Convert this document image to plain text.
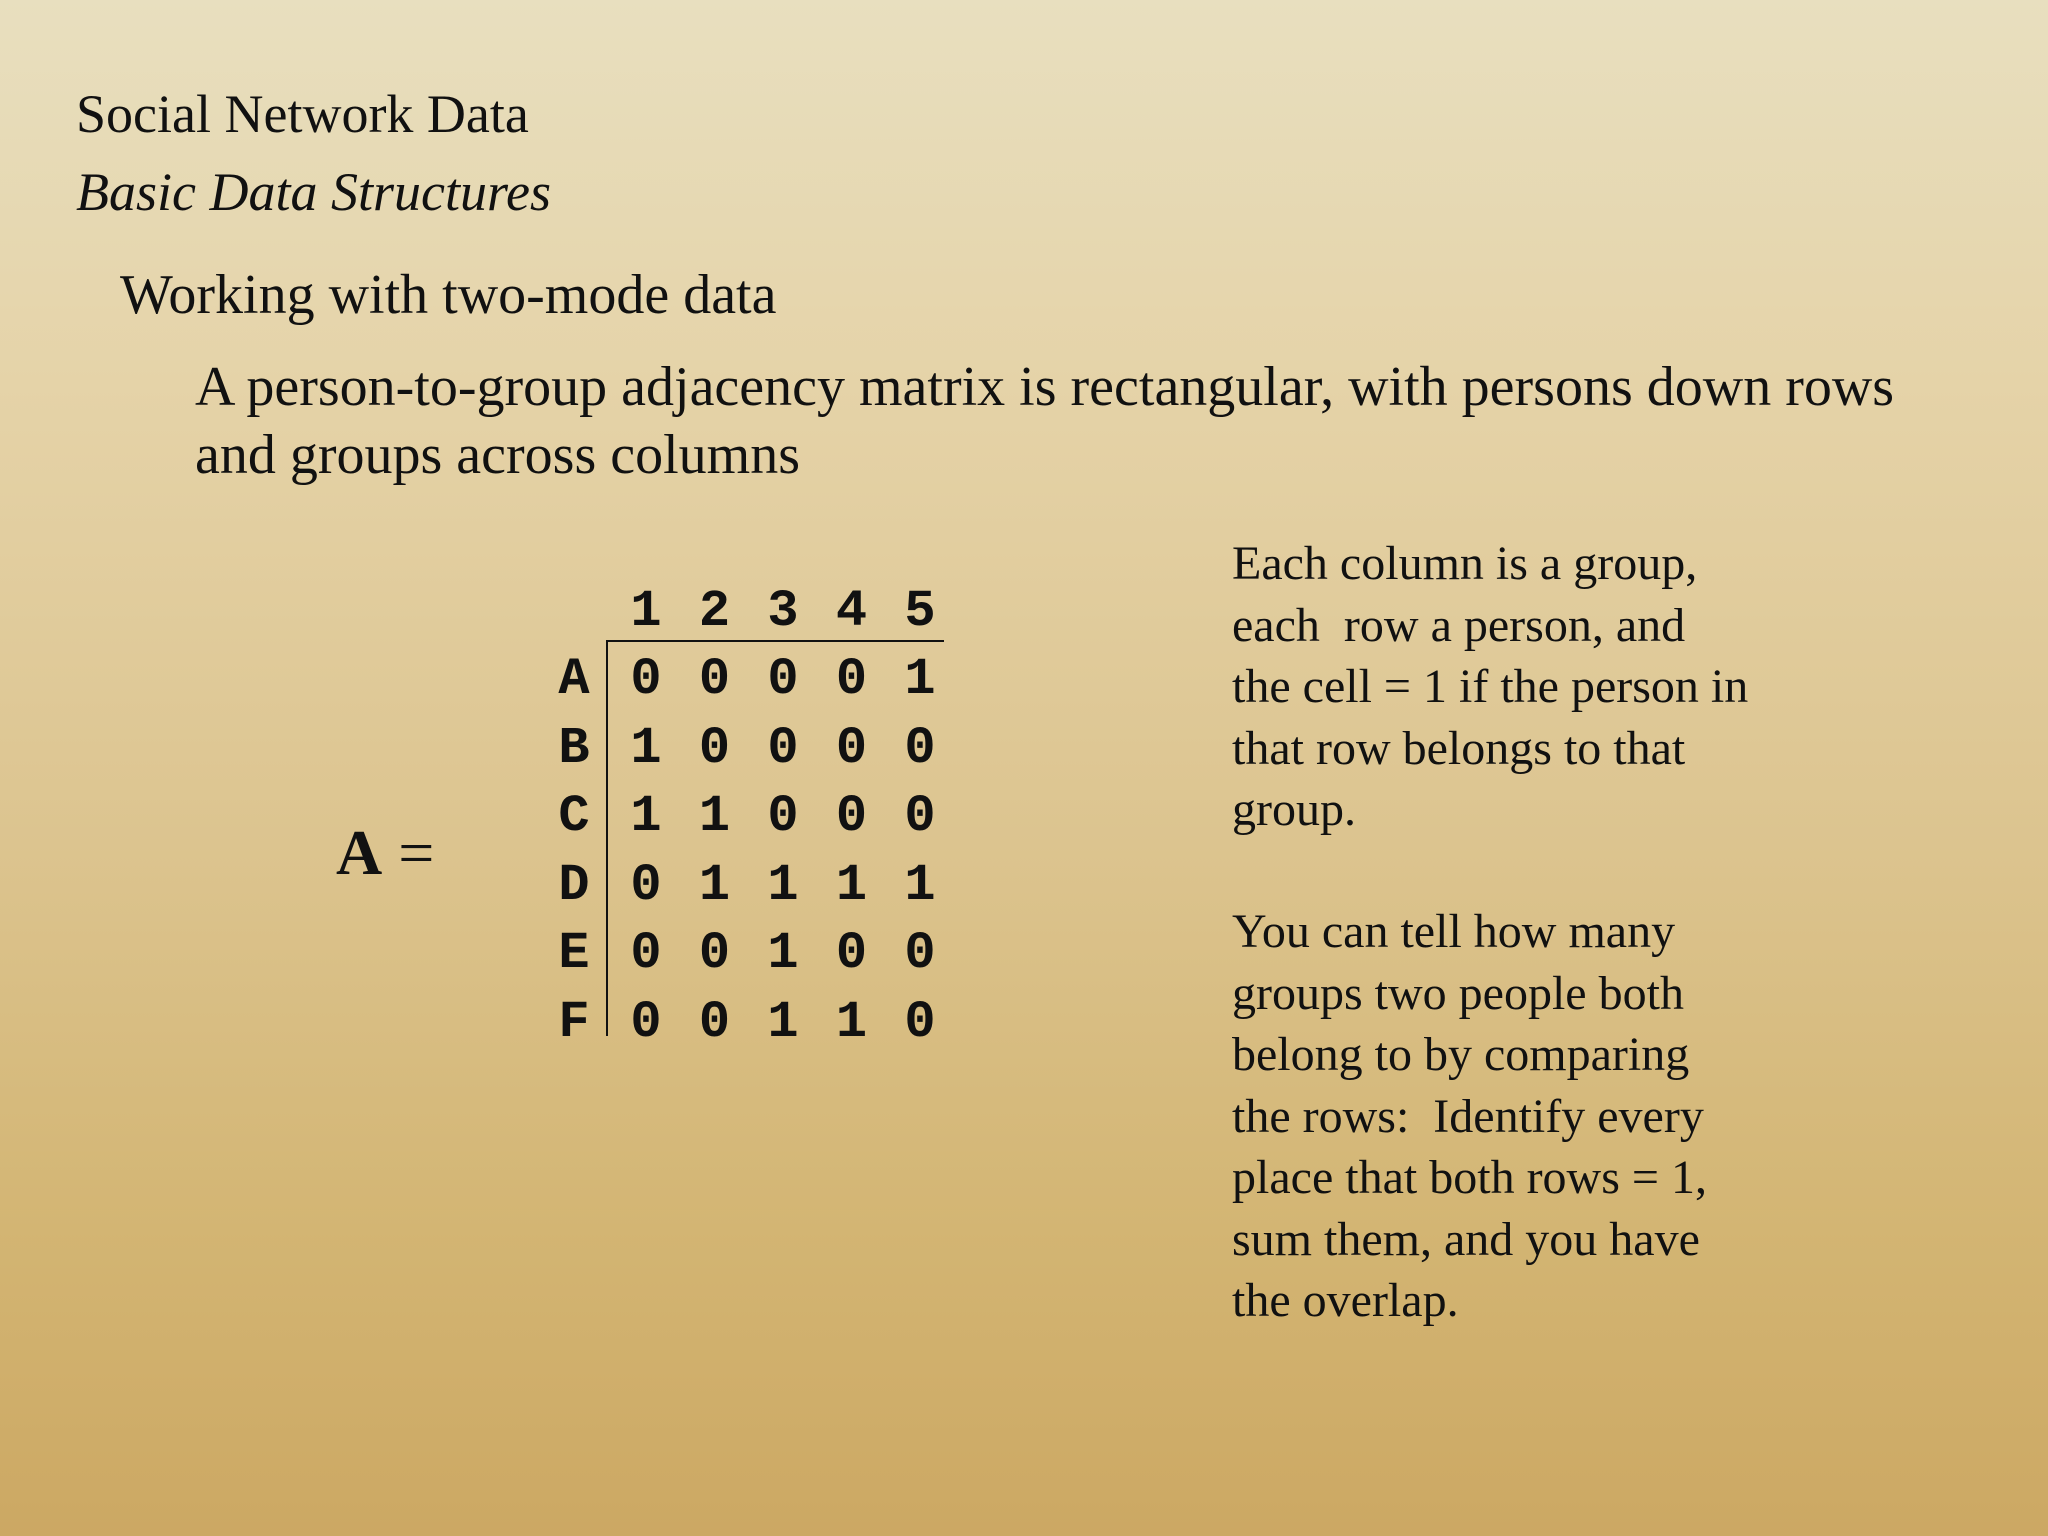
Social Network Data
Basic Data Structures
Working with two-mode data
A person-to-group adjacency matrix is rectangular, with persons down rows and groups across columns
A =
1 2 3 4 5
A 0 0 0 0 1
B 1 0 0 0 0
C 1 1 0 0 0
D 0 1 1 1 1
E 0 0 1 0 0
F 0 0 1 1 0
Each column is a group,
each  row a person, and
the cell = 1 if the person in
that row belongs to that
group.
You can tell how many
groups two people both
belong to by comparing
the rows:  Identify every
place that both rows = 1,
sum them, and you have
the overlap.
